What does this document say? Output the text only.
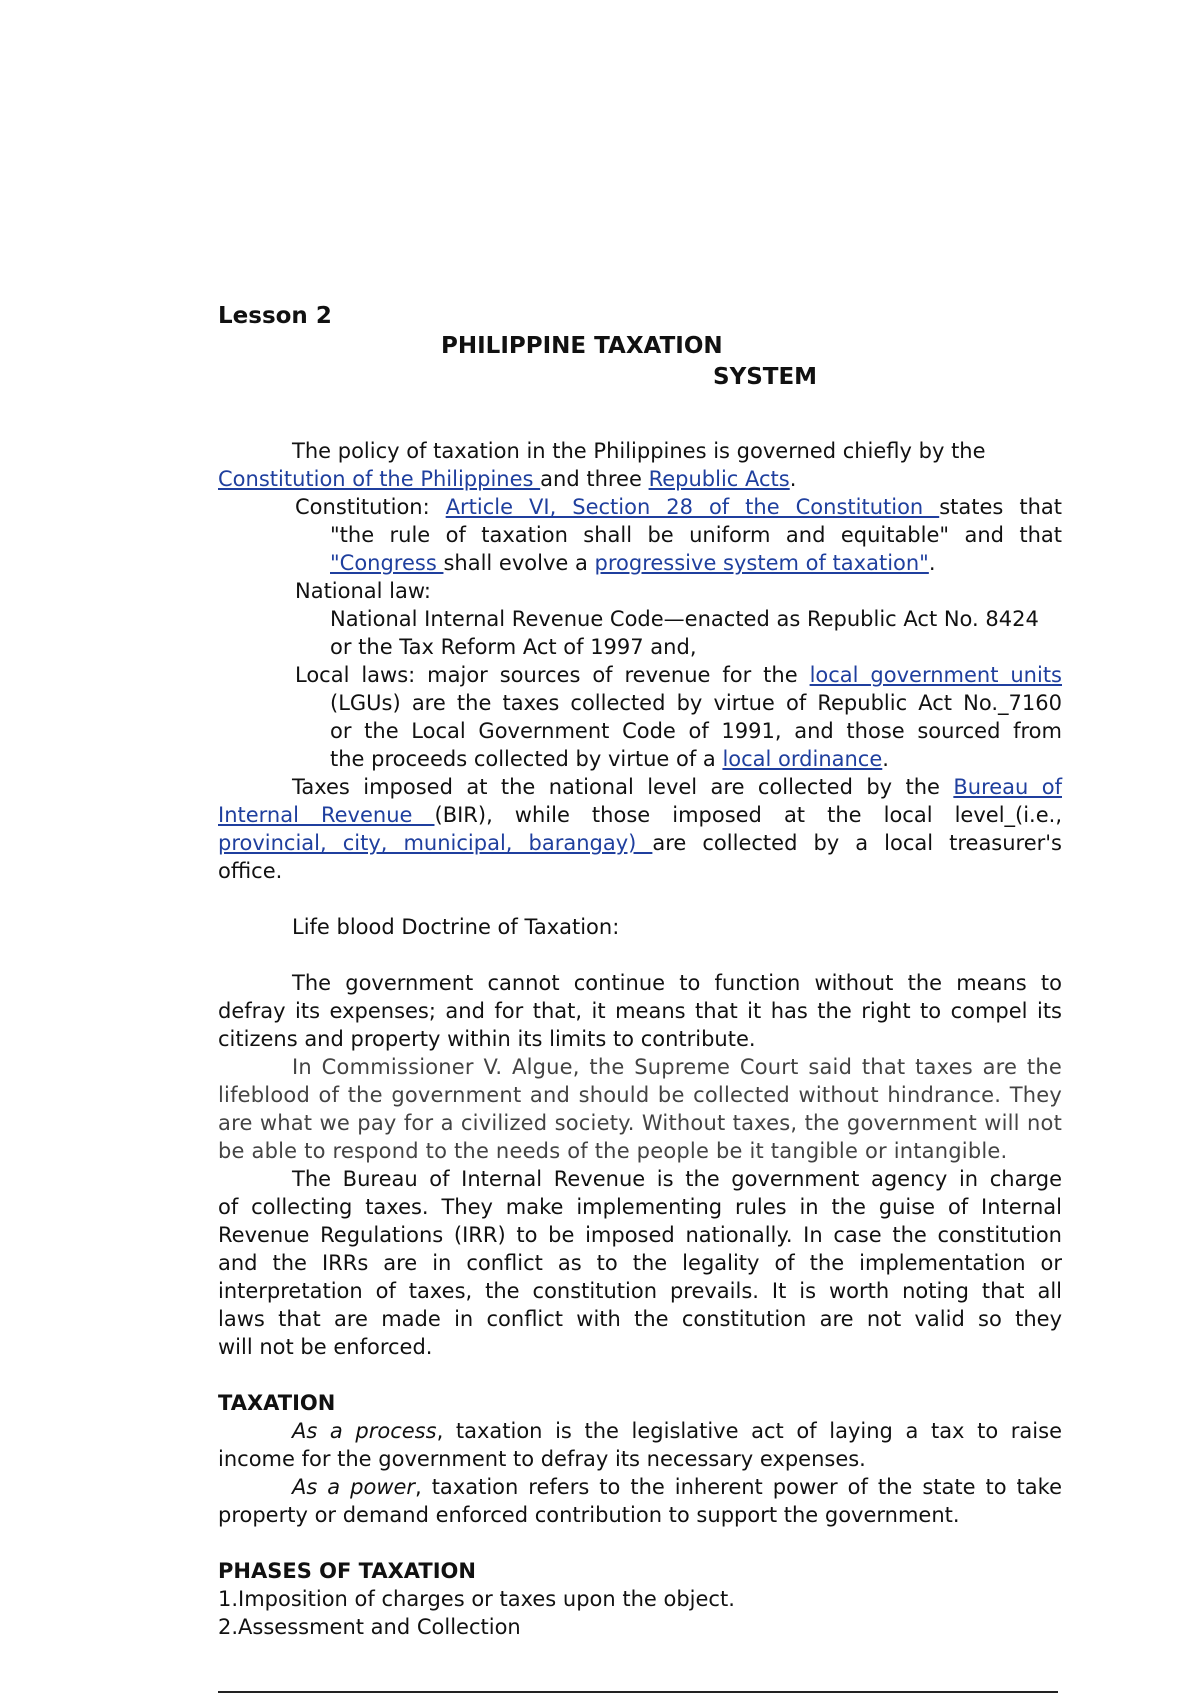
Lesson 2

PHILIPPINE TAXATION

SYSTEM

The policy of taxation in the Philippines is governed chiefly by the

Constitution of the Philippines and three Republic Acts.

Constitution: Article VI, Section 28 of the Constitution states that

"the rule of taxation shall be uniform and equitable" and that

"Congress shall evolve a progressive system of taxation".

National law:

National Internal Revenue Code—enacted as Republic Act No. 8424

or the Tax Reform Act of 1997 and,

Local laws: major sources of revenue for the local government units

(LGUs) are the taxes collected by virtue of Republic Act No._7160

or the Local Government Code of 1991, and those sourced from

the proceeds collected by virtue of a local ordinance.

Taxes imposed at the national level are collected by the Bureau of

Internal Revenue (BIR), while those imposed at the local level_(i.e.,

provincial, city, municipal, barangay) are collected by a local treasurer's

office.

Life blood Doctrine of Taxation:

The government cannot continue to function without the means to

defray its expenses; and for that, it means that it has the right to compel its

citizens and property within its limits to contribute.

In Commissioner V. Algue, the Supreme Court said that taxes are the

lifeblood of the government and should be collected without hindrance. They

are what we pay for a civilized society. Without taxes, the government will not

be able to respond to the needs of the people be it tangible or intangible.

The Bureau of Internal Revenue is the government agency in charge

of collecting taxes. They make implementing rules in the guise of Internal

Revenue Regulations (IRR) to be imposed nationally. In case the constitution

and the IRRs are in conflict as to the legality of the implementation or

interpretation of taxes, the constitution prevails. It is worth noting that all

laws that are made in conflict with the constitution are not valid so they

will not be enforced.

TAXATION

As a process, taxation is the legislative act of laying a tax to raise

income for the government to defray its necessary expenses.

As a power, taxation refers to the inherent power of the state to take

property or demand enforced contribution to support the government.

PHASES OF TAXATION

1.Imposition of charges or taxes upon the object.

2.Assessment and Collection
